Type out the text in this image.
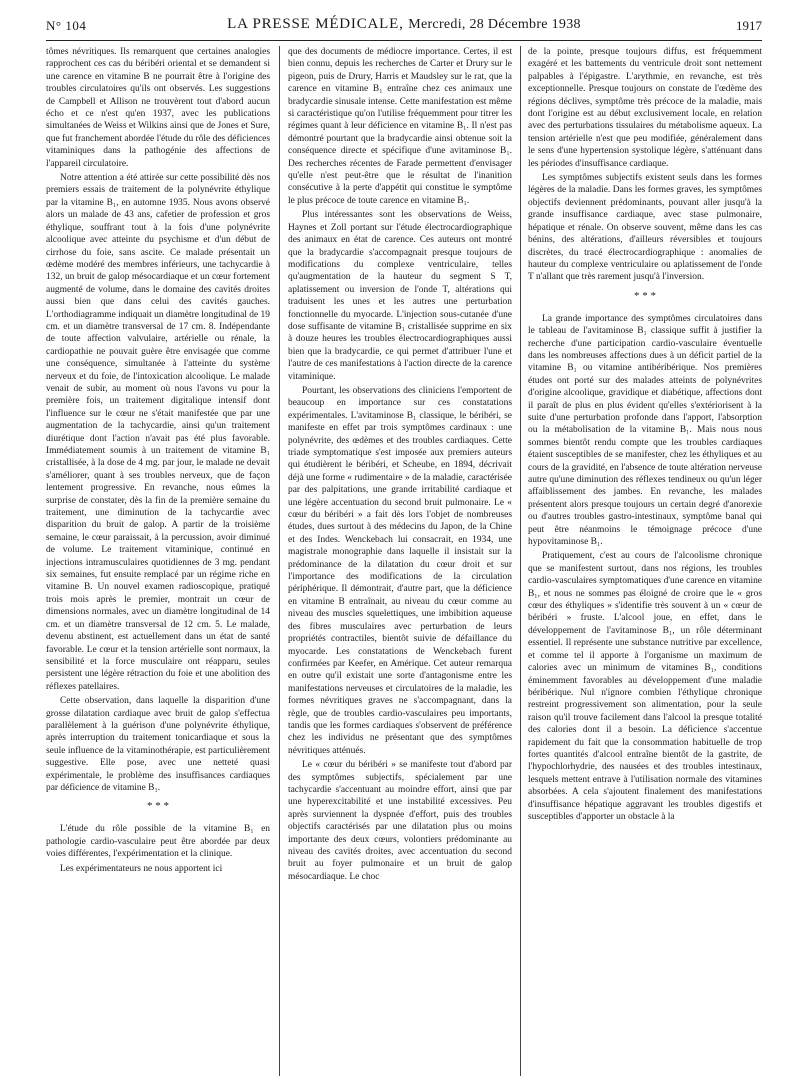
N° 104	LA PRESSE MÉDICALE, Mercredi, 28 Décembre 1938	1917

tômes névritiques. Ils remarquent que certaines analogies rapprochent ces cas du béribéri oriental et se demandent si une carence en vitamine B ne pourrait être à l'origine des troubles circulatoires qu'ils ont observés. Les suggestions de Campbell et Allison ne trouvèrent tout d'abord aucun écho et ce n'est qu'en 1937, avec les publications simultanées de Weiss et Wilkins ainsi que de Jones et Sure, que fut franchement abordée l'étude du rôle des déficiences vitaminiques dans la pathogénie des affections de l'appareil circulatoire.

Notre attention a été attirée sur cette possibilité dès nos premiers essais de traitement de la polynévrite éthylique par la vitamine B₁, en automne 1935. Nous avons observé alors un malade de 43 ans, cafetier de profession et gros éthylique, souffrant tout à la fois d'une polynévrite alcoolique avec atteinte du psychisme et d'un début de cirrhose du foie, sans ascite. Ce malade présentait un œdème modéré des membres inférieurs, une tachycardie à 132, un bruit de galop mésocardiaque et un cœur fortement augmenté de volume, dans le domaine des cavités droites aussi bien que dans celui des cavités gauches. L'orthodiagramme indiquait un diamètre longitudinal de 19 cm. et un diamètre transversal de 17 cm. 8. Indépendante de toute affection valvulaire, artérielle ou rénale, la cardiopathie ne pouvait guère être envisagée que comme une conséquence, simultanée à l'atteinte du système nerveux et du foie, de l'intoxication alcoolique. Le malade venait de subir, au moment où nous l'avons vu pour la première fois, un traitement digitalique intensif dont l'influence sur le cœur ne s'était manifestée que par une augmentation de la tachycardie, ainsi qu'un traitement diurétique dont l'action n'avait pas été plus favorable. Immédiatement soumis à un traitement de vitamine B₁ cristallisée, à la dose de 4 mg. par jour, le malade ne devait s'améliorer, quant à ses troubles nerveux, que de façon lentement progressive. En revanche, nous eûmes la surprise de constater, dès la fin de la première semaine du traitement, une diminution de la tachycardie avec disparition du bruit de galop. A partir de la troisième semaine, le cœur paraissait, à la percussion, avoir diminué de volume. Le traitement vitaminique, continué en injections intramusculaires quotidiennes de 3 mg. pendant six semaines, fut ensuite remplacé par un régime riche en vitamine B. Un nouvel examen radioscopique, pratiqué trois mois après le premier, montrait un cœur de dimensions normales, avec un diamètre longitudinal de 14 cm. et un diamètre transversal de 12 cm. 5. Le malade, devenu abstinent, est actuellement dans un état de santé favorable. Le cœur et la tension artérielle sont normaux, la sensibilité et la force musculaire ont réapparu, seules persistent une légère rétraction du foie et une abolition des réflexes patellaires.

Cette observation, dans laquelle la disparition d'une grosse dilatation cardiaque avec bruit de galop s'effectua parallèlement à la guérison d'une polynévrite éthylique, après interruption du traitement tonicardiaque et sous la seule influence de la vitaminothérapie, est particulièrement suggestive. Elle pose, avec une netteté quasi expérimentale, le problème des insuffisances cardiaques par déficience de vitamine B₁.

* * *

L'étude du rôle possible de la vitamine B₁ en pathologie cardio-vasculaire peut être abordée par deux voies différentes, l'expérimentation et la clinique.

Les expérimentateurs ne nous apportent ici

que des documents de médiocre importance. Certes, il est bien connu, depuis les recherches de Carter et Drury sur le pigeon, puis de Drury, Harris et Maudsley sur le rat, que la carence en vitamine B₁ entraîne chez ces animaux une bradycardie sinusale intense. Cette manifestation est même si caractéristique qu'on l'utilise fréquemment pour titrer les régimes quant à leur déficience en vitamine B₁. Il n'est pas démontré pourtant que la bradycardie ainsi obtenue soit la conséquence directe et spécifique d'une avitaminose B₁. Des recherches récentes de Farade permettent d'envisager qu'elle n'est peut-être que le résultat de l'inanition consécutive à la perte d'appétit qui constitue le symptôme le plus précoce de toute carence en vitamine B₁.

Plus intéressantes sont les observations de Weiss, Haynes et Zoll portant sur l'étude électrocardiographique des animaux en état de carence. Ces auteurs ont montré que la bradycardie s'accompagnait presque toujours de modifications du complexe ventriculaire, telles qu'augmentation de la hauteur du segment S T, aplatissement ou inversion de l'onde T, altérations qui traduisent les unes et les autres une perturbation fonctionnelle du myocarde. L'injection sous-cutanée d'une dose suffisante de vitamine B₁ cristallisée supprime en six à douze heures les troubles électrocardiographiques aussi bien que la bradycardie, ce qui permet d'attribuer l'une et l'autre de ces manifestations à l'action directe de la carence vitaminique.

Pourtant, les observations des cliniciens l'emportent de beaucoup en importance sur ces constatations expérimentales. L'avitaminose B₁ classique, le béribéri, se manifeste en effet par trois symptômes cardinaux : une polynévrite, des œdèmes et des troubles cardiaques. Cette triade symptomatique s'est imposée aux premiers auteurs qui étudièrent le béribéri, et Scheube, en 1894, décrivait déjà une forme « rudimentaire » de la maladie, caractérisée par des palpitations, une grande irritabilité cardiaque et une légère accentuation du second bruit pulmonaire. Le « cœur du béribéri » a fait dès lors l'objet de nombreuses études, dues surtout à des médecins du Japon, de la Chine et des Indes. Wenckebach lui consacrait, en 1934, une magistrale monographie dans laquelle il insistait sur la prédominance de la dilatation du cœur droit et sur l'importance des modifications de la circulation périphérique. Il démontrait, d'autre part, que la déficience en vitamine B entraînait, au niveau du cœur comme au niveau des muscles squelettiques, une imbibition aqueuse des fibres musculaires avec perturbation de leurs propriétés contractiles, bientôt suivie de défaillance du myocarde. Les constatations de Wenckebach furent confirmées par Keefer, en Amérique. Cet auteur remarqua en outre qu'il existait une sorte d'antagonisme entre les manifestations nerveuses et circulatoires de la maladie, les formes névritiques graves ne s'accompagnant, dans la règle, que de troubles cardio-vasculaires peu importants, tandis que les formes cardiaques s'observent de préférence chez les individus ne présentant que des symptômes névritiques atténués.

Le « cœur du béribéri » se manifeste tout d'abord par des symptômes subjectifs, spécialement par une tachycardie s'accentuant au moindre effort, ainsi que par une hyperexcitabilité et une instabilité excessives. Peu après surviennent la dyspnée d'effort, puis des troubles objectifs caractérisés par une dilatation plus ou moins importante des deux cœurs, volontiers prédominante au niveau des cavités droites, avec accentuation du second bruit au foyer pulmonaire et un bruit de galop mésocardiaque. Le choc

de la pointe, presque toujours diffus, est fréquemment exagéré et les battements du ventricule droit sont nettement palpables à l'épigastre. L'arythmie, en revanche, est très exceptionnelle. Presque toujours on constate de l'œdème des régions déclives, symptôme très précoce de la maladie, mais dont l'origine est au début exclusivement locale, en relation avec des perturbations tissulaires du métabolisme aqueux. La tension artérielle n'est que peu modifiée, généralement dans le sens d'une hypertension systolique légère, s'atténuant dans les périodes d'insuffisance cardiaque.

Les symptômes subjectifs existent seuls dans les formes légères de la maladie. Dans les formes graves, les symptômes objectifs deviennent prédominants, pouvant aller jusqu'à la grande insuffisance cardiaque, avec stase pulmonaire, hépatique et rénale. On observe souvent, même dans les cas bénins, des altérations, d'ailleurs réversibles et toujours discrètes, du tracé électrocardiographique : anomalies de hauteur du complexe ventriculaire ou aplatissement de l'onde T n'allant que très rarement jusqu'à l'inversion.

* * *

La grande importance des symptômes circulatoires dans le tableau de l'avitaminose B₁ classique suffit à justifier la recherche d'une participation cardio-vasculaire éventuelle dans les nombreuses affections dues à un déficit partiel de la vitamine B₁ ou vitamine antibéribérique. Nos premières études ont porté sur des malades atteints de polynévrites d'origine alcoolique, gravidique et diabétique, affections dont il paraît de plus en plus évident qu'elles s'extériorisent à la suite d'une perturbation profonde dans l'apport, l'absorption ou la métabolisation de la vitamine B₁. Mais nous nous sommes bientôt rendu compte que les troubles cardiaques étaient susceptibles de se manifester, chez les éthyliques et au cours de la gravidité, en l'absence de toute altération nerveuse autre qu'une diminution des réflexes tendineux ou qu'un léger affaiblissement des jambes. En revanche, les malades présentent alors presque toujours un certain degré d'anorexie ou d'autres troubles gastro-intestinaux, symptôme banal qui peut être néanmoins le témoignage précoce d'une hypovitaminose B₁.

Pratiquement, c'est au cours de l'alcoolisme chronique que se manifestent surtout, dans nos régions, les troubles cardio-vasculaires symptomatiques d'une carence en vitamine B₁, et nous ne sommes pas éloigné de croire que le « gros cœur des éthyliques » s'identifie très souvent à un « cœur de béribéri » fruste. L'alcool joue, en effet, dans le développement de l'avitaminose B₁, un rôle déterminant essentiel. Il représente une substance nutritive par excellence, et comme tel il apporte à l'organisme un maximum de calories avec un minimum de vitamines B₁, conditions éminemment favorables au développement d'une maladie béribérique. Nul n'ignore combien l'éthylique chronique restreint progressivement son alimentation, pour la seule raison qu'il trouve facilement dans l'alcool la presque totalité des calories dont il a besoin. La déficience s'accentue rapidement du fait que la consommation habituelle de trop fortes quantités d'alcool entraîne bientôt de la gastrite, de l'hypochlorhydrie, des nausées et des troubles intestinaux, lesquels mettent entrave à l'utilisation normale des vitamines absorbées. A cela s'ajoutent finalement des manifestations d'insuffisance hépatique aggravant les troubles digestifs et susceptibles d'apporter un obstacle à la
